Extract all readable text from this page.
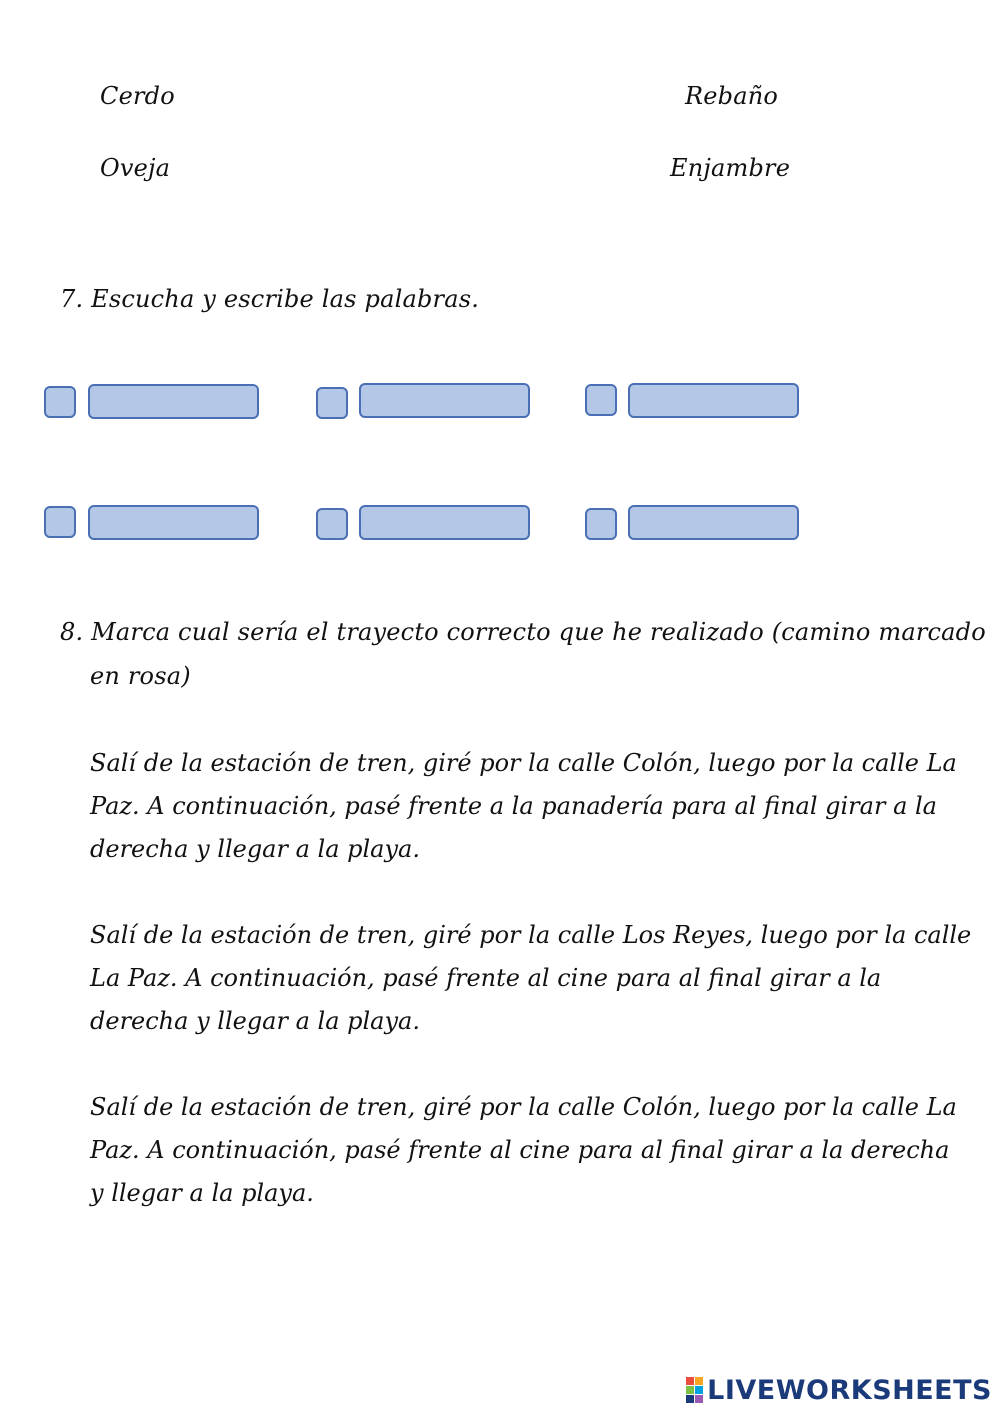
Cerdo	Rebaño
Oveja	Enjambre
7. Escucha y escribe las palabras.
8. Marca cual sería el trayecto correcto que he realizado (camino marcado
en rosa)
Salí de la estación de tren, giré por la calle Colón, luego por la calle La
Paz. A continuación, pasé frente a la panadería para al final girar a la
derecha y llegar a la playa.
Salí de la estación de tren, giré por la calle Los Reyes, luego por la calle
La Paz. A continuación, pasé frente al cine para al final girar a la
derecha y llegar a la playa.
Salí de la estación de tren, giré por la calle Colón, luego por la calle La
Paz. A continuación, pasé frente al cine para al final girar a la derecha
y llegar a la playa.
LIVEWORKSHEETS
